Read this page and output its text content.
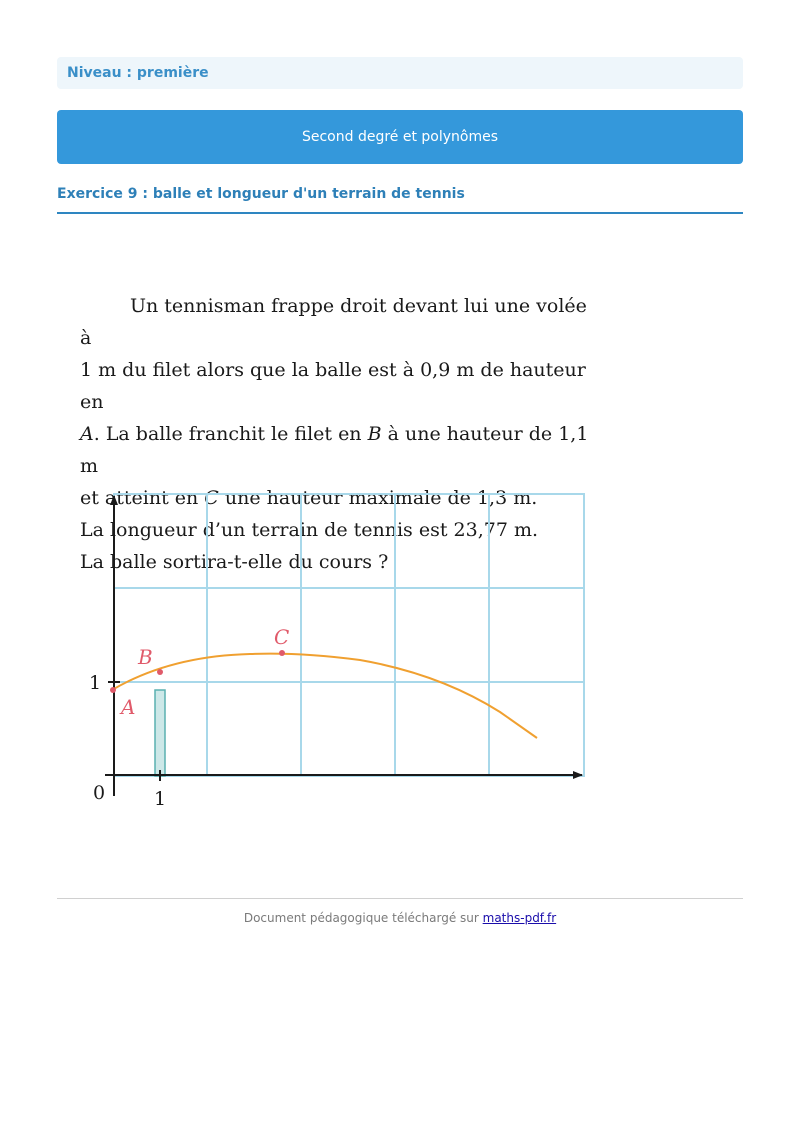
Niveau : première
Second degré et polynômes
Exercice 9 : balle et longueur d'un terrain de tennis

Un tennisman frappe droit devant lui une volée à

1 m du filet alors que la balle est à 0,9 m de hauteur en

A. La balle franchit le filet en B à une hauteur de 1,1 m

et atteint en C une hauteur maximale de 1,3 m.

La longueur d’un terrain de tennis est 23,77 m.

La balle sortira-t-elle du cours ?

A
B
C
0	1
1
Document pédagogique téléchargé sur maths-pdf.fr
